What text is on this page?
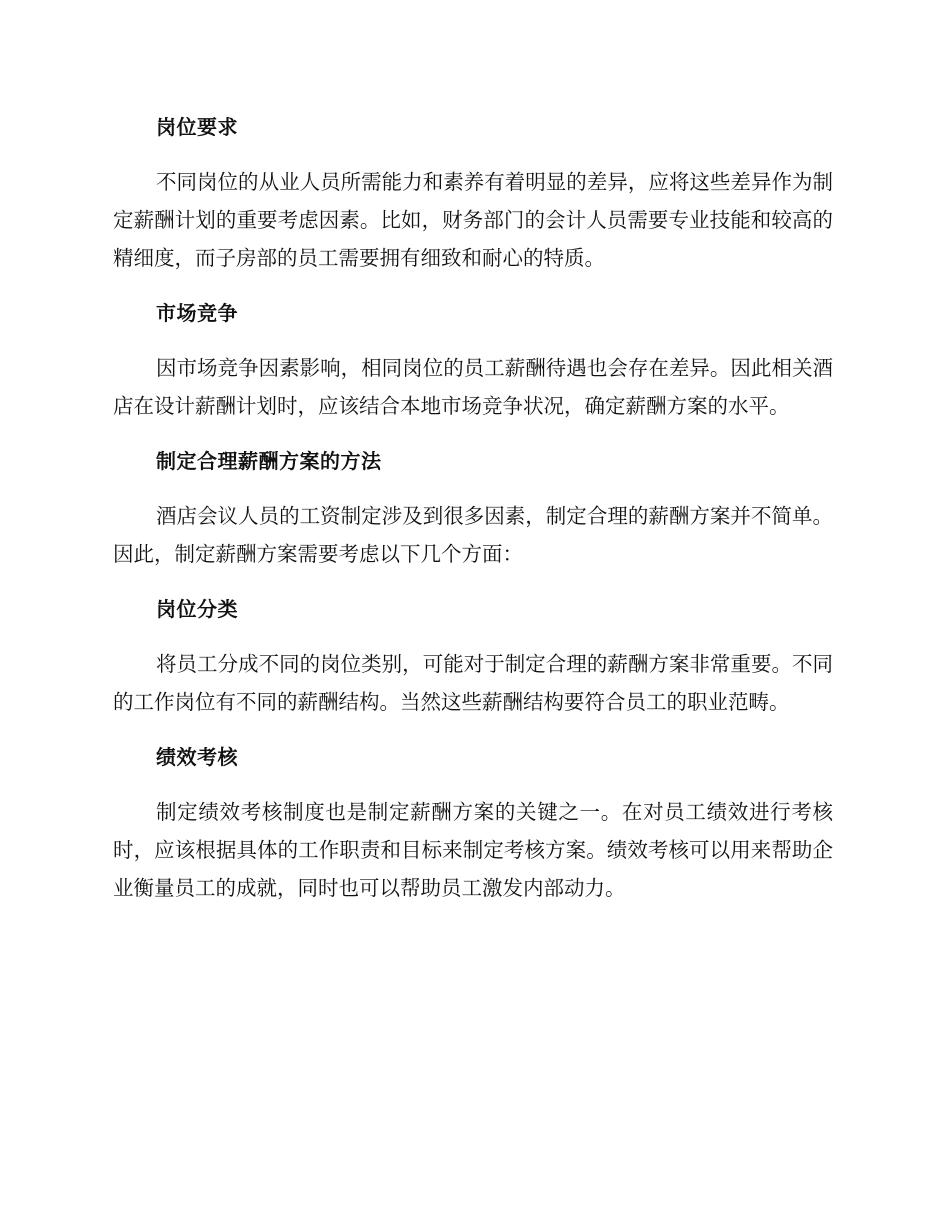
岗位要求

不同岗位的从业人员所需能力和素养有着明显的差异，应将这些差异作为制定薪酬计划的重要考虑因素。比如，财务部门的会计人员需要专业技能和较高的精细度，而子房部的员工需要拥有细致和耐心的特质。

市场竞争

因市场竞争因素影响，相同岗位的员工薪酬待遇也会存在差异。因此相关酒店在设计薪酬计划时，应该结合本地市场竞争状况，确定薪酬方案的水平。

制定合理薪酬方案的方法

酒店会议人员的工资制定涉及到很多因素，制定合理的薪酬方案并不简单。因此，制定薪酬方案需要考虑以下几个方面：

岗位分类

将员工分成不同的岗位类别，可能对于制定合理的薪酬方案非常重要。不同的工作岗位有不同的薪酬结构。当然这些薪酬结构要符合员工的职业范畴。

绩效考核

制定绩效考核制度也是制定薪酬方案的关键之一。在对员工绩效进行考核时，应该根据具体的工作职责和目标来制定考核方案。绩效考核可以用来帮助企业衡量员工的成就，同时也可以帮助员工激发内部动力。
